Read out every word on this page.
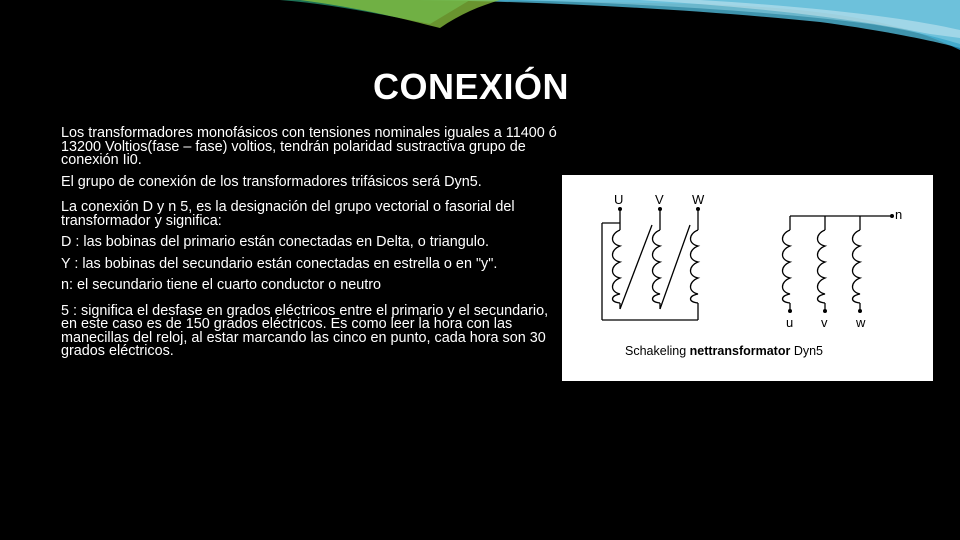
CONEXIÓN

Los transformadores monofásicos con tensiones nominales iguales a 11400 ó 13200 Voltios(fase – fase) voltios, tendrán polaridad sustractiva grupo de conexión Ii0.

El grupo de conexión de los transformadores trifásicos será Dyn5.

La conexión D y n 5, es la designación del grupo vectorial o fasorial del transformador y significa:

D : las bobinas del primario están conectadas en Delta, o triangulo.

Y : las bobinas del secundario están conectadas en estrella o en "y".

n: el secundario tiene el cuarto conductor o neutro

5 : significa el desfase en grados eléctricos entre el primario y el secundario, en este caso es de 150 grados eléctricos. Es como leer la hora con las manecillas del reloj, al estar marcando las cinco en punto, cada hora son 30 grados eléctricos.

U V W
n
u v w
Schakeling nettransformator Dyn5
